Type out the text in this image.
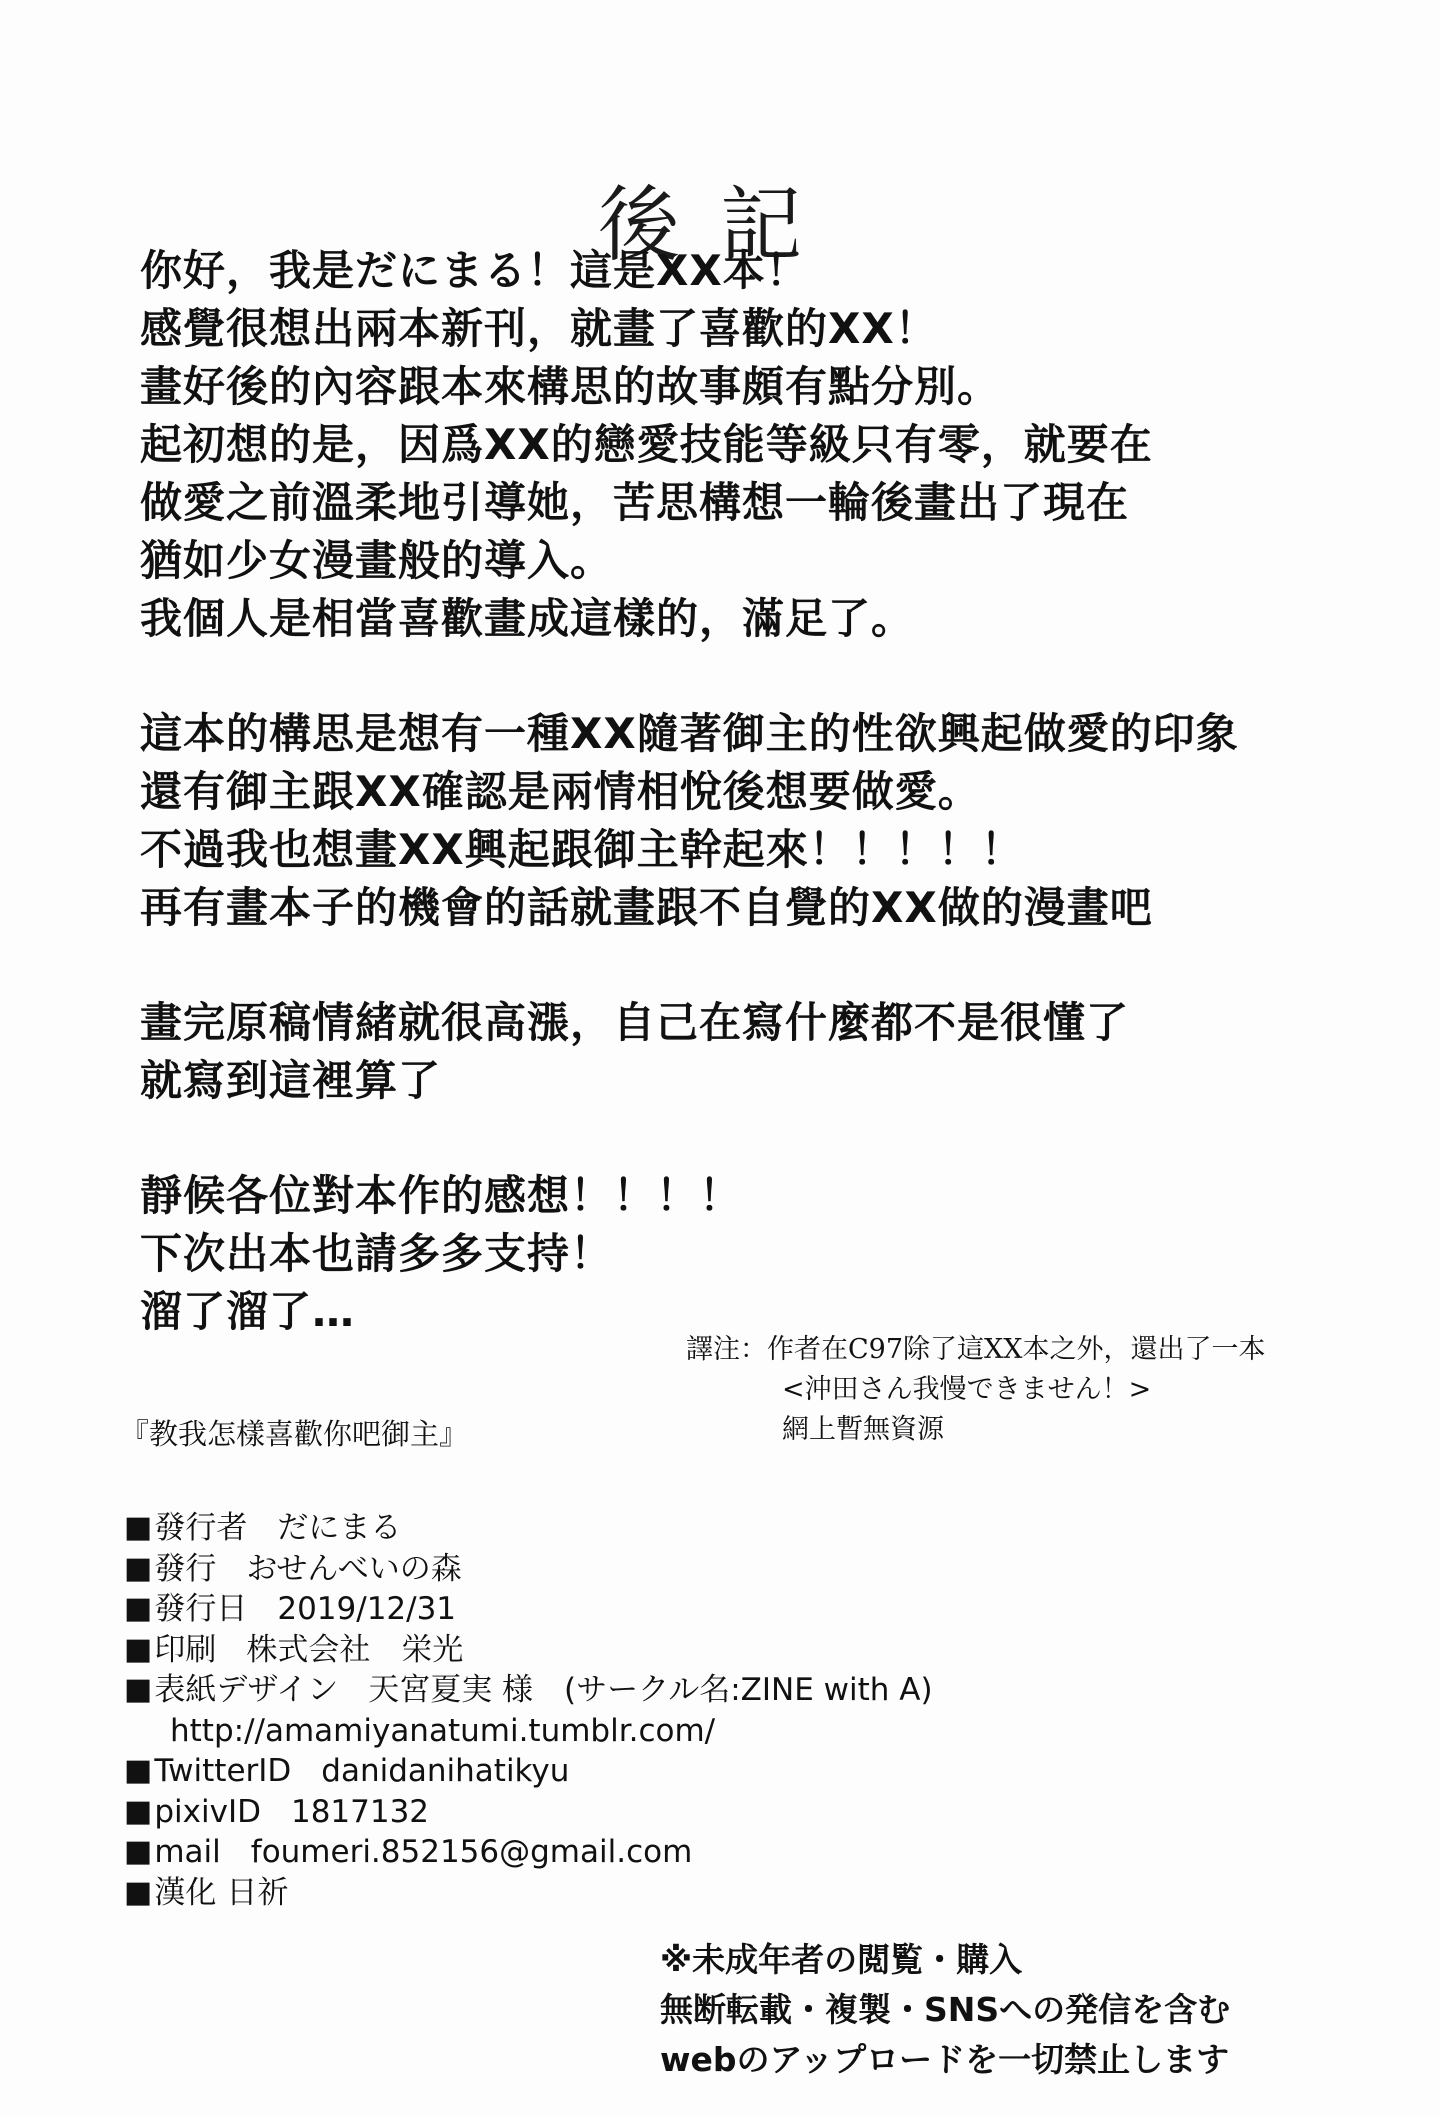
後記
你好，我是だにまる！這是XX本！
感覺很想出兩本新刊，就畫了喜歡的XX！
畫好後的內容跟本來構思的故事頗有點分別。
起初想的是，因爲XX的戀愛技能等級只有零，就要在
做愛之前溫柔地引導她，苦思構想一輪後畫出了現在
猶如少女漫畫般的導入。
我個人是相當喜歡畫成這樣的，滿足了。
這本的構思是想有一種XX隨著御主的性欲興起做愛的印象
還有御主跟XX確認是兩情相悅後想要做愛。
不過我也想畫XX興起跟御主幹起來！！！！！
再有畫本子的機會的話就畫跟不自覺的XX做的漫畫吧
畫完原稿情緒就很高漲，自己在寫什麼都不是很懂了
就寫到這裡算了
靜候各位對本作的感想！！！！
下次出本也請多多支持！
溜了溜了…
譯注：作者在C97除了這XX本之外，還出了一本
<沖田さん我慢できません！>
網上暫無資源
『教我怎樣喜歡你吧御主』
■ 發行者 だにまる
■ 發行 おせんべいの森
■ 發行日 2019/12/31
■ 印刷 株式会社　栄光
■ 表紙デザイン 天宮夏実 様　(サークル名:ZINE with A)
http://amamiyanatumi.tumblr.com/
■ TwitterID danidanihatikyu
■ pixivID 1817132
■ mail foumeri.852156@gmail.com
■ 漢化 日祈
※未成年者の閲覧・購入
無断転載・複製・SNSへの発信を含む
webのアップロードを一切禁止します
